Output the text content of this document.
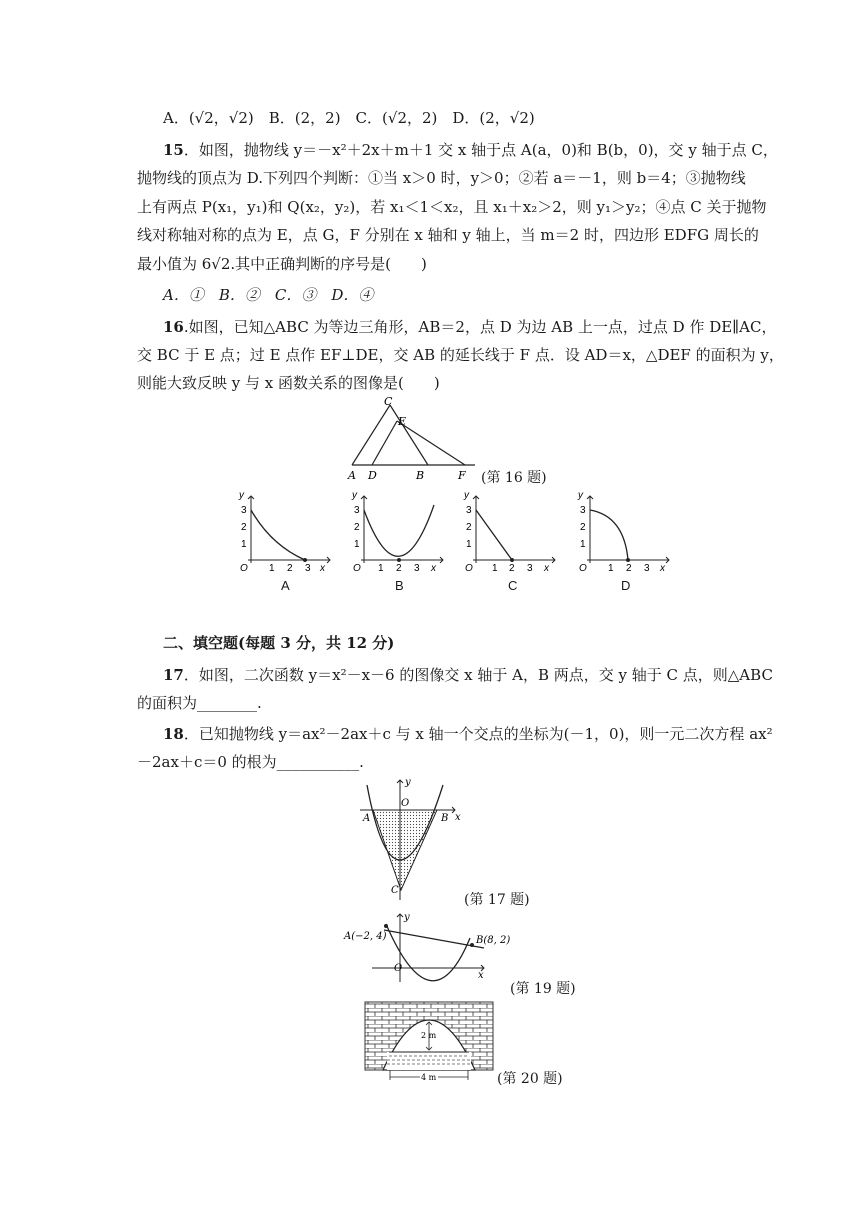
A．(√2，√2)　B．(2，2)　C．(√2，2)　D．(2，√2)
15．如图，抛物线 y＝－x²＋2x＋m＋1 交 x 轴于点 A(a，0)和 B(b，0)，交 y 轴于点 C，
抛物线的顶点为 D.下列四个判断：①当 x＞0 时，y＞0；②若 a＝－1，则 b＝4；③抛物线
上有两点 P(x₁，y₁)和 Q(x₂，y₂)，若 x₁＜1＜x₂，且 x₁＋x₂＞2，则 y₁＞y₂；④点 C 关于抛物
线对称轴对称的点为 E，点 G，F 分别在 x 轴和 y 轴上，当 m＝2 时，四边形 EDFG 周长的
最小值为 6√2.其中正确判断的序号是(　　)
A．①　B．②　C．③　D．④
16.如图，已知△ABC 为等边三角形，AB＝2，点 D 为边 AB 上一点，过点 D 作 DE∥AC，
交 BC 于 E 点；过 E 点作 EF⊥DE，交 AB 的延长线于 F 点．设 AD＝x，△DEF 的面积为 y，
则能大致反映 y 与 x 函数关系的图像是(　　)
C
E
A D	B	F (第 16 题)
y
3
2
1
O 1 2 3 x
y
3
2
1
O 1 2 3 x
y
3
2
1
O 1 2 3 x
y
3
2
1
O 1 2 3 x
A	B	C	D
二、填空题(每题 3 分，共 12 分)
17．如图，二次函数 y＝x²－x－6 的图像交 x 轴于 A，B 两点，交 y 轴于 C 点，则△ABC
的面积为________.
18．已知抛物线 y＝ax²－2ax＋c 与 x 轴一个交点的坐标为(－1，0)，则一元二次方程 ax²
－2ax＋c＝0 的根为___________.
y
O
x
A	B
C
(第 17 题)
A(−2, 4)	B(8, 2)
O
x
y
(第 19 题)
2 m
4 m	(第 20 题)
